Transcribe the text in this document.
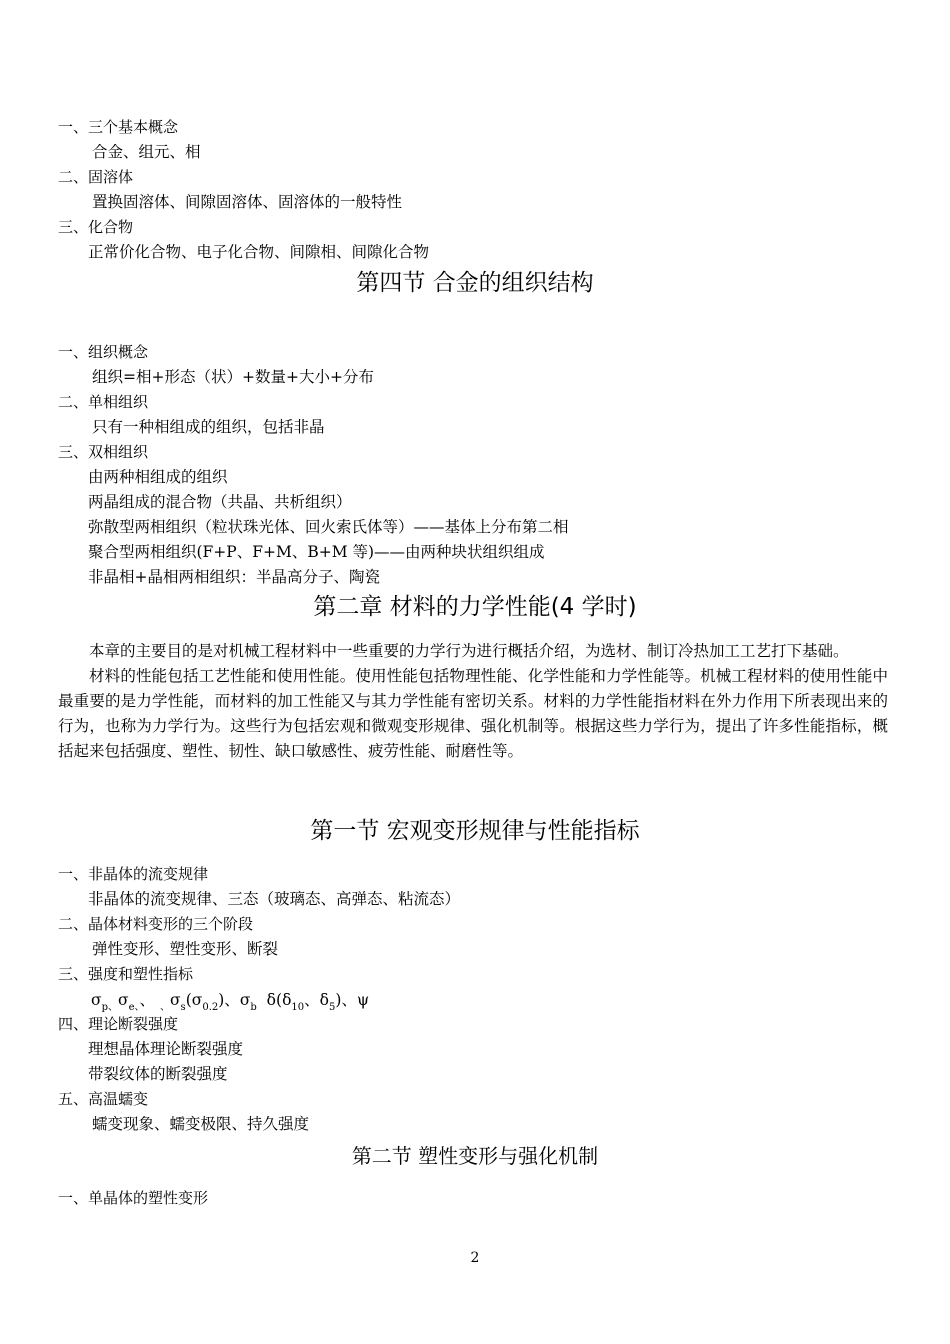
一、三个基本概念
合金、组元、相
二、固溶体
置换固溶体、间隙固溶体、固溶体的一般特性
三、化合物
正常价化合物、电子化合物、间隙相、间隙化合物
第四节 合金的组织结构
一、组织概念
组织=相+形态（状）+数量+大小+分布
二、单相组织
只有一种相组成的组织，包括非晶
三、双相组织
由两种相组成的组织
两晶组成的混合物（共晶、共析组织）
弥散型两相组织（粒状珠光体、回火索氏体等）——基体上分布第二相
聚合型两相组织(F+P、F+M、B+M 等)——由两种块状组织组成
非晶相+晶相两相组织：半晶高分子、陶瓷
第二章 材料的力学性能(4 学时)
本章的主要目的是对机械工程材料中一些重要的力学行为进行概括介绍，为选材、制订冷热加工工艺打下基础。
材料的性能包括工艺性能和使用性能。使用性能包括物理性能、化学性能和力学性能等。机械工程材料的使用性能中最重要的是力学性能，而材料的加工性能又与其力学性能有密切关系。材料的力学性能指材料在外力作用下所表现出来的行为，也称为力学行为。这些行为包括宏观和微观变形规律、强化机制等。根据这些力学行为，提出了许多性能指标，概括起来包括强度、塑性、韧性、缺口敏感性、疲劳性能、耐磨性等。
第一节 宏观变形规律与性能指标
一、非晶体的流变规律
非晶体的流变规律、三态（玻璃态、高弹态、粘流态）
二、晶体材料变形的三个阶段
弹性变形、塑性变形、断裂
三、强度和塑性指标
$\sigma_{p、}\sigma_{e、}$、 $_、\sigma_s(\sigma_{0.2})$、$\sigma_b$ $\delta(\delta_{10}$、$\delta_5$)、ψ
四、理论断裂强度
理想晶体理论断裂强度
带裂纹体的断裂强度
五、高温蠕变
蠕变现象、蠕变极限、持久强度
第二节 塑性变形与强化机制
一、单晶体的塑性变形
2
